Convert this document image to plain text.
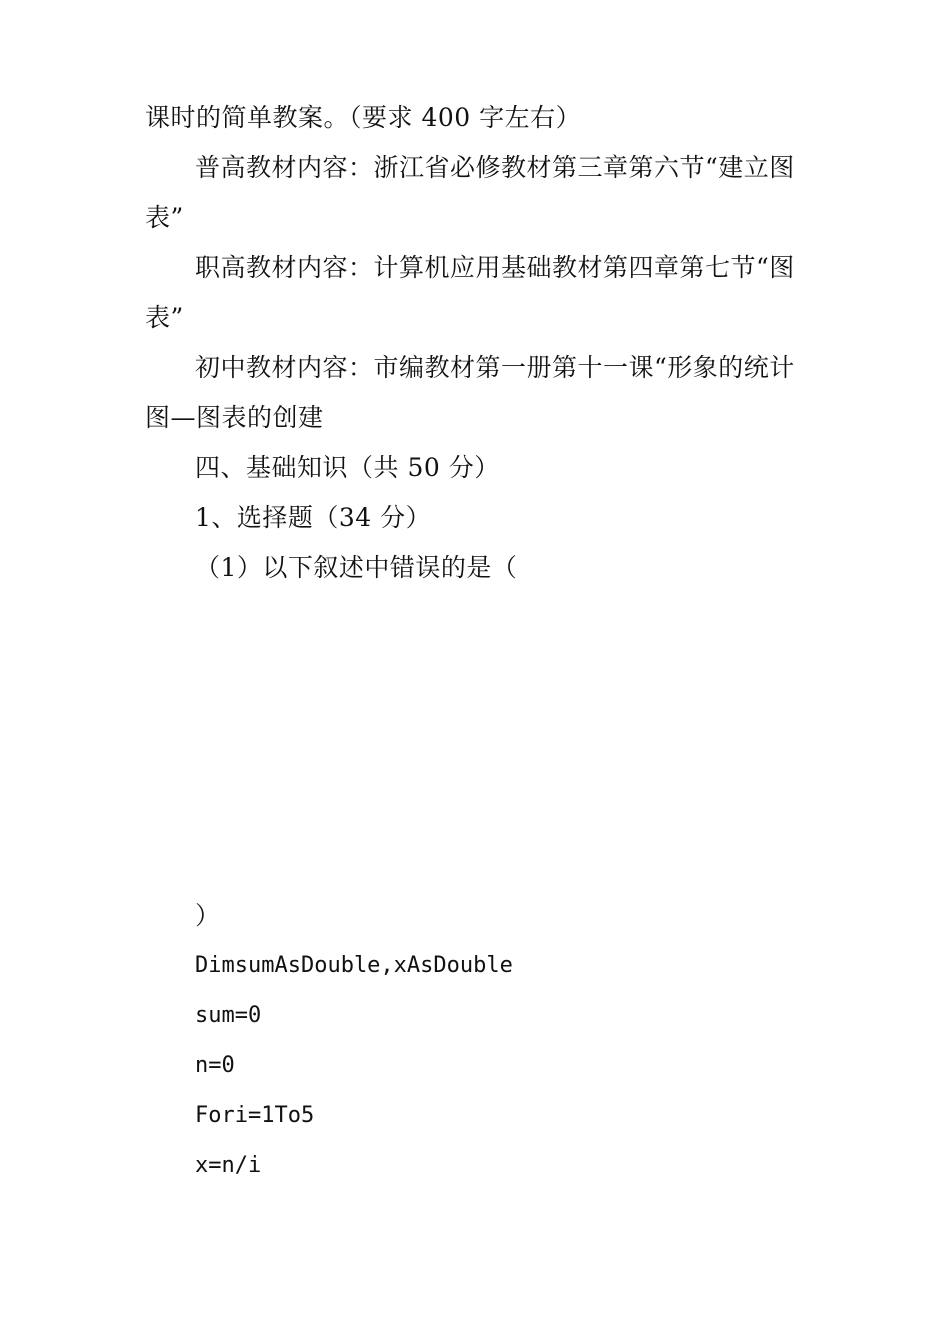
课时的简单教案。（要求 400 字左右）
普高教材内容：浙江省必修教材第三章第六节“建立图
表”
职高教材内容：计算机应用基础教材第四章第七节“图
表”
初中教材内容：市编教材第一册第十一课“形象的统计
图—图表的创建
四、基础知识（共 50 分）
1、选择题（34 分）
（1）以下叙述中错误的是（
）
DimsumAsDouble,xAsDouble
sum=0
n=0
Fori=1To5
x=n/i
